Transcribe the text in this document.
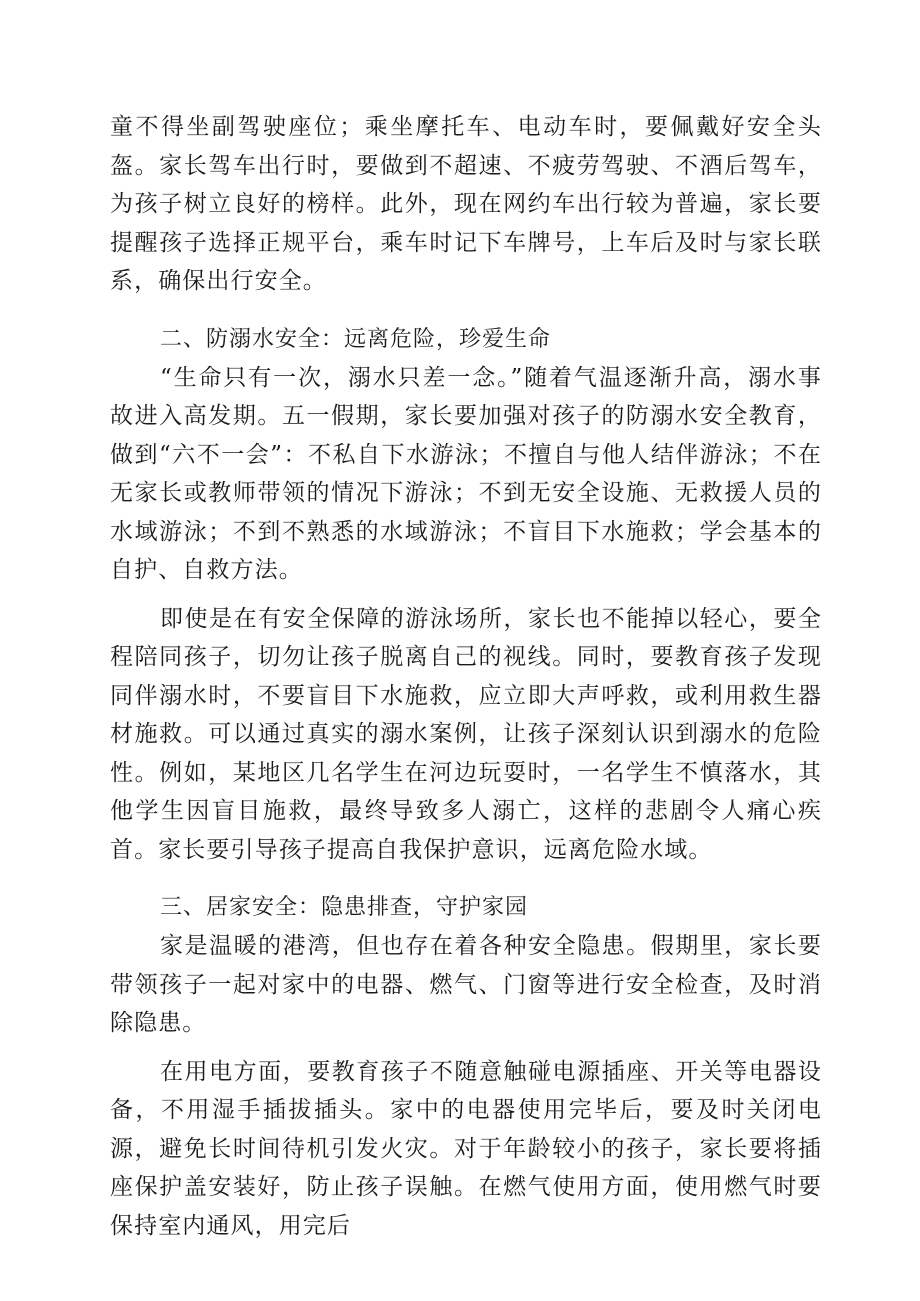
童不得坐副驾驶座位；乘坐摩托车、电动车时，要佩戴好安全头盔。家长驾车出行时，要做到不超速、不疲劳驾驶、不酒后驾车，为孩子树立良好的榜样。此外，现在网约车出行较为普遍，家长要提醒孩子选择正规平台，乘车时记下车牌号，上车后及时与家长联系，确保出行安全。

二、防溺水安全：远离危险，珍爱生命

“生命只有一次，溺水只差一念。”随着气温逐渐升高，溺水事故进入高发期。五一假期，家长要加强对孩子的防溺水安全教育，做到“六不一会”：不私自下水游泳；不擅自与他人结伴游泳；不在无家长或教师带领的情况下游泳；不到无安全设施、无救援人员的水域游泳；不到不熟悉的水域游泳；不盲目下水施救；学会基本的自护、自救方法。

即使是在有安全保障的游泳场所，家长也不能掉以轻心，要全程陪同孩子，切勿让孩子脱离自己的视线。同时，要教育孩子发现同伴溺水时，不要盲目下水施救，应立即大声呼救，或利用救生器材施救。可以通过真实的溺水案例，让孩子深刻认识到溺水的危险性。例如，某地区几名学生在河边玩耍时，一名学生不慎落水，其他学生因盲目施救，最终导致多人溺亡，这样的悲剧令人痛心疾首。家长要引导孩子提高自我保护意识，远离危险水域。

三、居家安全：隐患排查，守护家园

家是温暖的港湾，但也存在着各种安全隐患。假期里，家长要带领孩子一起对家中的电器、燃气、门窗等进行安全检查，及时消除隐患。

在用电方面，要教育孩子不随意触碰电源插座、开关等电器设备，不用湿手插拔插头。家中的电器使用完毕后，要及时关闭电源，避免长时间待机引发火灾。对于年龄较小的孩子，家长要将插座保护盖安装好，防止孩子误触。在燃气使用方面，使用燃气时要保持室内通风，用完后
